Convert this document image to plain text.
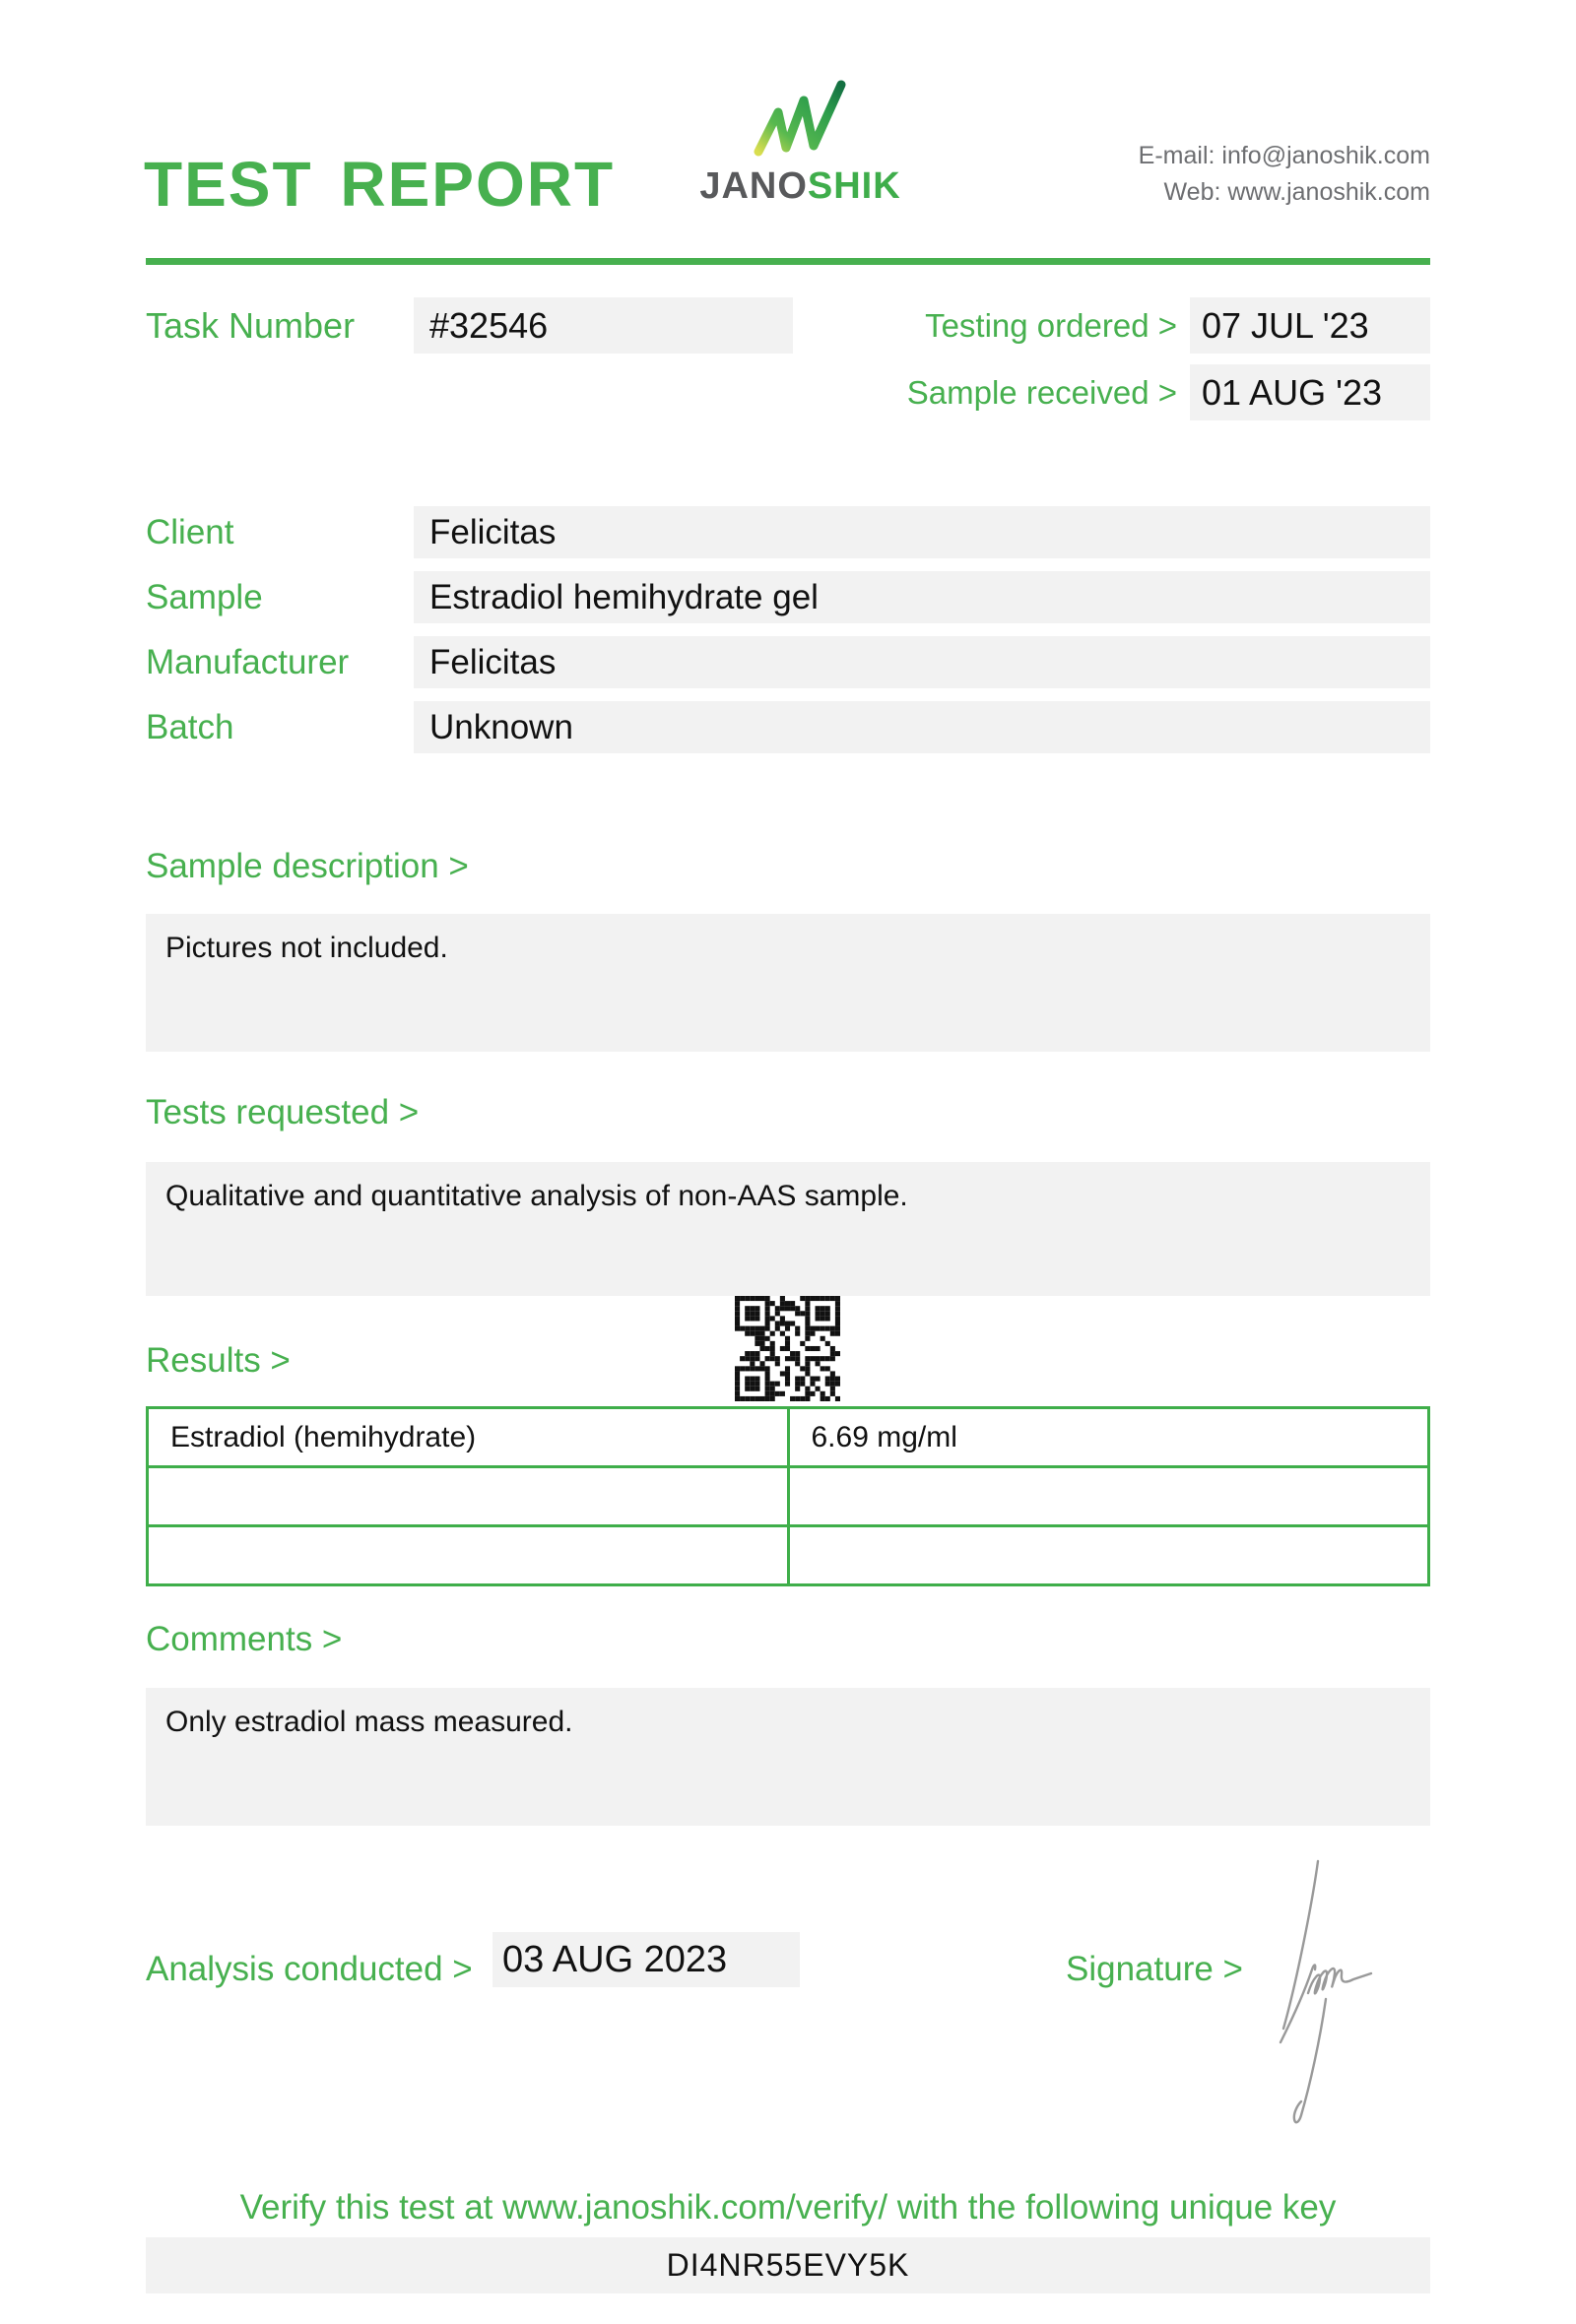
TEST REPORT	JANOSHIK
E-mail: info@janoshik.com
Web: www.janoshik.com
Task Number	#32546	Testing ordered > 07 JUL '23
Sample received > 01 AUG '23
Client	Felicitas
Sample	Estradiol hemihydrate gel
Manufacturer	Felicitas
Batch	Unknown
Sample description >
Pictures not included.
Tests requested >
Qualitative and quantitative analysis of non-AAS sample.
Results >
Estradiol (hemihydrate)	6.69 mg/ml

Comments >
Only estradiol mass measured.
Analysis conducted > 03 AUG 2023	Signature >
Verify this test at www.janoshik.com/verify/ with the following unique key
DI4NR55EVY5K
